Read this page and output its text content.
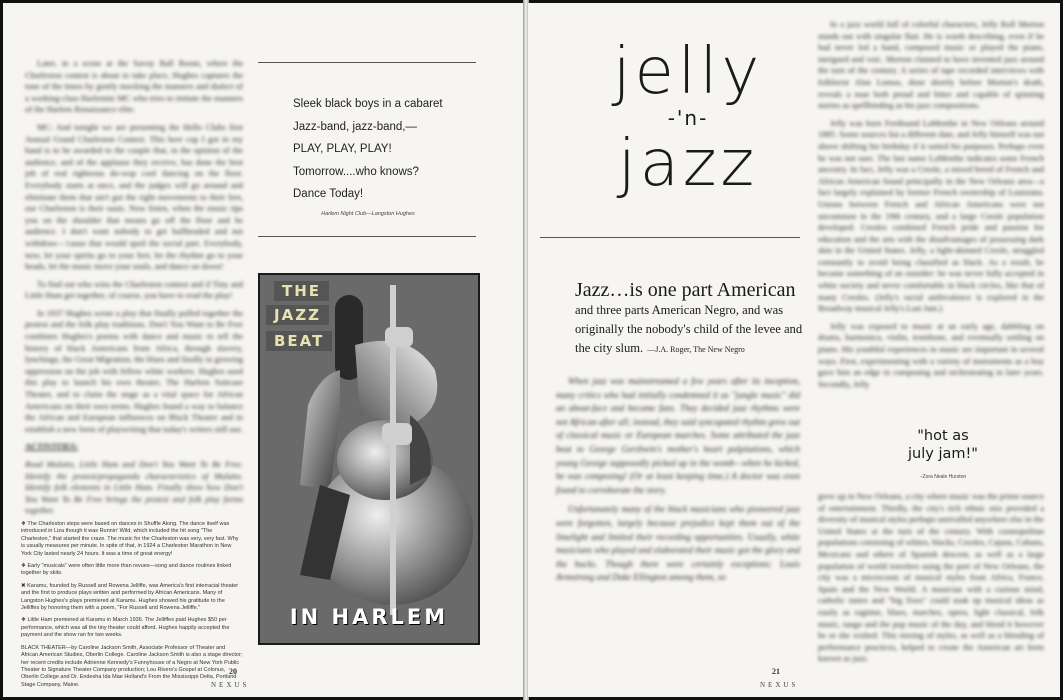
Later, in a scene at the Savoy Ball Room, where the Charleston contest is about to take place, Hughes captures the tone of the times by gently mocking the manners and dialect of a working-class Harlemite MC who tries to imitate the manners of the Harlem Renaissance elite.

MC: And tonight we are presenting the Hello Clubs first Annual Grand Charleston Contest. This here cup I got in my hand is to be awarded to the couple that, in the opinion of the audience, and of the applause they receive, has done the best job of real righteous do-wop cool dancing on the floor. Everybody starts at once, and the judges will go around and eliminate them that ain't got the right movements to their feet, our Charleston is their oasis. Now listen, when the music tips you on the shoulder that means go off the floor and be audience. I don't want nobody to get bullheaded and not withdraw—'cause that would spoil the social part. Everybody, now, let your spirits go to your feet, let the rhythm go to your heads, let the music move your souls, and dance on down!

To find out who wins the Charleston contest and if Tiny and Little Ham get together, of course, you have to read the play!

In 1937 Hughes wrote a play that finally pulled together the protest and the folk play traditions. Don't You Want to Be Free combines Hughes's poems with dance and music to tell the history of black Americans from Africa, through slavery, lynchings, the Great Migration, the blues and finally to growing oppression on the job with fellow white workers. Hughes used this play to launch his own theater, The Harlem Suitcase Theater, and to claim the stage as a vital space for African Americans on their own terms. Hughes found a way to balance the African and European influences on Black Theater and to establish a new form of playwriting that today's writers still use.

ACTIVITIES:

Read Mulatto, Little Ham and Don't You Want To Be Free. Identify the protest/propaganda characteristics of Mulatto. Identify folk elements in Little Ham. Finally show how Don't You Want To Be Free brings the protest and folk play forms together.

Sleek black boys in a cabaret
Jazz-band, jazz-band,—
PLAY, PLAY, PLAY!
Tomorrow....who knows?
Dance Today!
Harlem Night Club—Langston Hughes
THE
JAZZ
BEAT
IN HARLEM

❖ The Charleston steps were based on dances in Shuffle Along. The dance itself was introduced in Liza though it was Runnin' Wild, which included the hit song "The Charleston," that started the craze. The music for the Charleston was very, very fast. Why is usually measures per minute. In spite of that, in 1924 a Charleston Marathon in New York City lasted nearly 24 hours. It was a time of great energy!

❖ Early "musicals" were often little more than revues—song and dance routines linked together by skits.

✖ Karamu, founded by Russell and Rowena Jelliffe, was America's first interracial theater and the first to produce plays written and performed by African Americans. Many of Langston Hughes's plays premiered at Karamu. Hughes showed his gratitude to the Jelliffes by honoring them with a poem, "For Russell and Rowena Jelliffe."

❖ Little Ham premiered at Karamu in March 1936. The Jelliffes paid Hughes $50 per performance, which was all the tiny theater could afford. Hughes happily accepted the payment and the show ran for two weeks.

BLACK THEATER—by Caroline Jackson Smith, Associate Professor of Theater and African American Studies, Oberlin College. Caroline Jackson Smith is also a stage director; her recent credits include Adrienne Kennedy's Funnyhouse of a Negro at New York Public Theater to Signature Theater Company production; Lou Rivers's Gospel at Colonus, Oberlin College and Dr. Endesha Ida Mae Holland's From the Mississippi Delta, Portland Stage Company, Maine.

20
NEXUS
jelly
-'n-
jazz
Jazz…is one part American and three parts American Negro, and was originally the nobody's child of the levee and the city slum. —J.A. Roger, The New Negro

When jazz was mainstreamed a few years after its inception, many critics who had initially condemned it as "jungle music" did an about-face and became fans. They decided jazz rhythms were not African after all; instead, they said syncopated rhythm grew out of classical music or European marches. Some attributed the jazz beat to George Gershwin's mother's heart palpitations, which young George supposedly picked up in the womb—when he kicked, he was composing! (Or at least keeping time.) A doctor was even found to corroborate the story.

Unfortunately many of the black musicians who pioneered jazz were forgotten, largely because prejudice kept them out of the limelight and limited their recording opportunities. Usually, white musicians who played and elaborated their music got the glory and the bucks. Though there were certainly exceptions: Louis Armstrong and Duke Ellington among them, so

In a jazz world full of colorful characters, Jelly Roll Morton stands out with singular flair. He is worth describing, even if he had never led a band, composed music or played the piano, intrigued and voic. Morton claimed to have invented jazz around the turn of the century. A series of tape recorded interviews with folklorist Alan Lomax, done shortly before Morton's death, reveals a man both proud and bitter and capable of spinning stories as spellbinding as his jazz compositions.

Jelly was born Ferdinand LaMenthe in New Orleans around 1885. Some sources list a different date, and Jelly himself was not above shifting his birthday if it suited his purposes. Perhaps even he was not sure. The last name LaMenthe indicates some French ancestry. In fact, Jelly was a Creole, a mixed breed of French and African American found principally in the New Orleans area—a fact largely explained by former French ownership of Louisiana. Unions between French and African Americans were not uncommon in the 19th century, and a large Creole population developed. Creoles combined French pride and passion for education and the arts with the disadvantages of possessing dark skin in the United States. Jelly, a light-skinned Creole, struggled constantly to avoid being classified as black. As a result, he became something of an outsider: he was never fully accepted in white society and never comfortable in black circles, like that of many Creoles. (Jelly's racial ambivalence is explored in the Broadway musical Jelly's Last Jam.)

Jelly was exposed to music at an early age, dabbling on drums, harmonica, violin, trombone, and eventually settling on piano. His youthful experiences in music are important in several ways. First, experimenting with a variety of instruments as a boy gave him an edge in composing and orchestrating in later years. Secondly, Jelly

"hot as
july jam!"
–Zora Neale Hurston

grew up in New Orleans, a city where music was the prime source of entertainment. Thirdly, the city's rich ethnic mix provided a diversity of musical styles perhaps unrivalled anywhere else in the United States at the turn of the century. With cosmopolitan populations consisting of whites, blacks, Creoles, Cajuns, Cubans, Mexicans and others of Spanish descent, as well as a large population of world travelers using the port of New Orleans, the city was a microcosm of musical styles from Africa, France, Spain and the New World. A musician with a curious mind, catholic tastes and "big fixes" could soak up musical ideas as easily as ragtime, blues, marches, opera, light classical, folk music, tango and the pop music of the day, and blend it however he or she wished. This mixing of styles, as well as a blending of performance practices, helped to create the American art form known as jazz.

21
NEXUS
